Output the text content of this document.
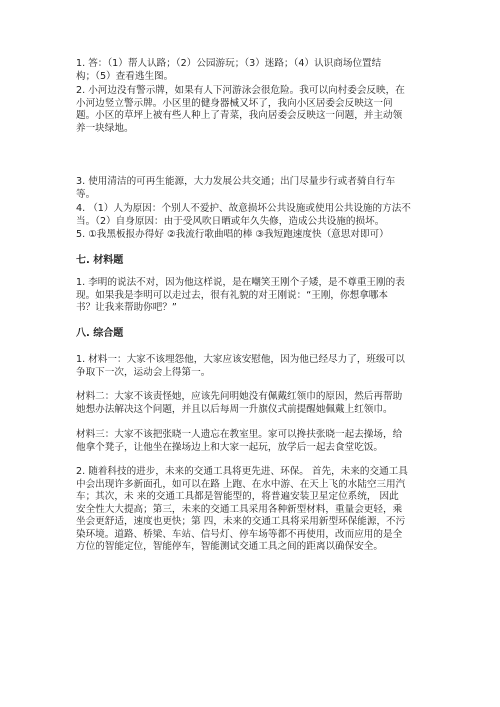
1. 答：（1）帮人认路；（2）公园游玩；（3）迷路；（4）认识商场位置结
构；（5）查看逃生图。
2. 小河边没有警示牌，如果有人下河游泳会很危险。我可以向村委会反映，在
小河边竖立警示牌。小区里的健身器械又坏了，我向小区居委会反映这一问
题。小区的草坪上被有些人种上了青菜，我向居委会反映这一问题，并主动领
养一块绿地。
3. 使用清洁的可再生能源，大力发展公共交通；出门尽量步行或者骑自行车
等。
4. （1）人为原因：个别人不爱护、故意损坏公共设施或使用公共设施的方法不
当。（2）自身原因：由于受风吹日晒或年久失修，造成公共设施的损坏。
5. ①我黑板报办得好 ②我流行歌曲唱的棒 ③我短跑速度快（意思对即可）
七. 材料题
1. 李明的说法不对，因为他这样说，是在嘲笑王刚个子矮，是不尊重王刚的表
现。如果我是李明可以走过去，很有礼貌的对王刚说：“王刚，你想拿哪本
书？让我来帮助你吧？”
八. 综合题
1. 材料一：大家不该埋怨他，大家应该安慰他，因为他已经尽力了，班级可以
争取下一次，运动会上得第一。
材料二：大家不该责怪她，应该先问明她没有佩戴红领巾的原因，然后再帮助
她想办法解决这个问题，并且以后每周一升旗仪式前提醒她佩戴上红领巾。
材料三：大家不该把张晓一人遗忘在教室里。家可以搀扶张晓一起去操场，给
他拿个凳子，让他坐在操场边上和大家一起玩，放学后一起去食堂吃饭。
2. 随着科技的进步，未来的交通工具将更先进、环保。 首先，未来的交通工具
中会出现许多新面孔，如可以在路 上跑、在水中游、在天上飞的水陆空三用汽
车；其次，未 来的交通工具都是智能型的，将普遍安装卫星定位系统， 因此
安全性大大提高；第三，未来的交通工具采用各种新型材料，重量会更轻，乘
坐会更舒适，速度也更快；第 四，未来的交通工具将采用新型环保能源，不污
染环境。道路、桥梁、车站、信号灯、停车场等都不再使用，改而应用的是全
方位的智能定位，智能停车，智能测试交通工具之间的距离以确保安全。
